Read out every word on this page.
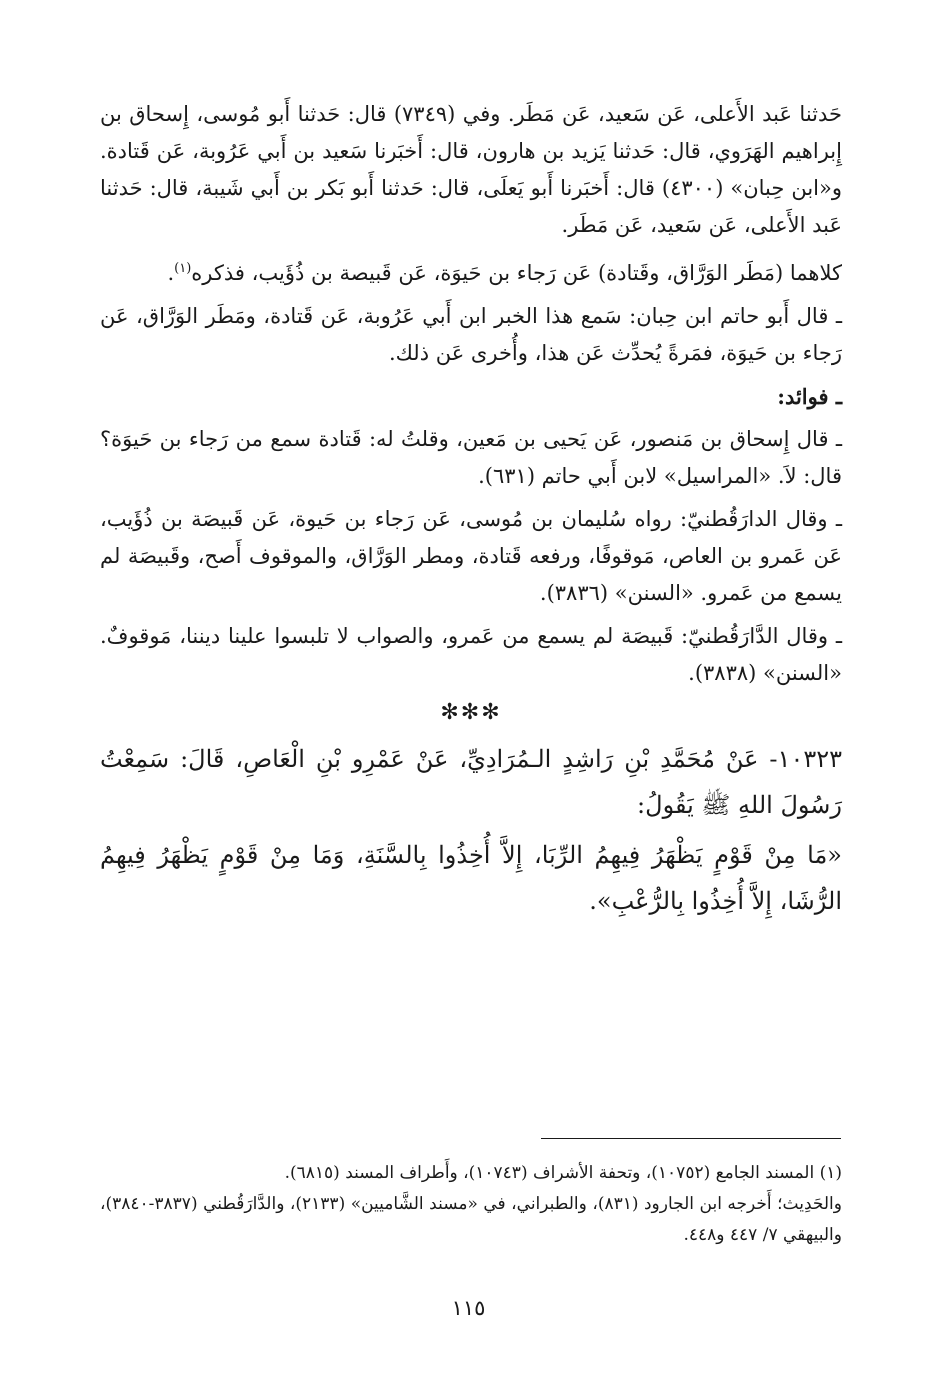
حَدثنا عَبد الأَعلى، عَن سَعيد، عَن مَطَر. وفي (٧٣٤٩) قال: حَدثنا أَبو مُوسى، إِسحاق بن إِبراهيم الهَرَوي، قال: حَدثنا يَزيد بن هارون، قال: أَخبَرنا سَعيد بن أَبي عَرُوبة، عَن قَتادة. و«ابن حِبان» (٤٣٠٠) قال: أَخبَرنا أَبو يَعلَى، قال: حَدثنا أَبو بَكر بن أَبي شَيبة، قال: حَدثنا عَبد الأَعلى، عَن سَعيد، عَن مَطَر.

كلاهما (مَطَر الوَرَّاق، وقَتادة) عَن رَجاء بن حَيوَة، عَن قَبيصة بن ذُؤَيب، فذكره$^{(١)}$.

ـ قال أَبو حاتم ابن حِبان: سَمع هذا الخبر ابن أَبي عَرُوبة، عَن قَتادة، ومَطَر الوَرَّاق، عَن رَجاء بن حَيوَة، فمَرةً يُحدِّث عَن هذا، وأُخرى عَن ذلك.

ـ فوائد:

ـ قال إِسحاق بن مَنصور، عَن يَحيى بن مَعين، وقلتُ له: قَتادة سمع من رَجاء بن حَيوَة؟ قال: لاَ. «المراسيل» لابن أَبي حاتم (٦٣١).

ـ وقال الدارَقُطنيّ: رواه سُليمان بن مُوسى، عَن رَجاء بن حَيوة، عَن قَبيصَة بن ذُؤَيب، عَن عَمرو بن العاص، مَوقوفًا، ورفعه قَتادة، ومطر الوَرَّاق، والموقوف أَصح، وقَبيصَة لم يسمع من عَمرو. «السنن» (٣٨٣٦).

ـ وقال الدَّارَقُطنيّ: قَبيصَة لم يسمع من عَمرو، والصواب لا تلبسوا علينا ديننا، مَوقوفٌ. «السنن» (٣٨٣٨).

✻✻✻

١٠٣٢٣- عَنْ مُحَمَّدِ بْنِ رَاشِدٍ الـمُرَادِيِّ، عَنْ عَمْرِو بْنِ الْعَاصِ، قَالَ: سَمِعْتُ رَسُولَ اللهِ ﷺ يَقُولُ:

«مَا مِنْ قَوْمٍ يَظْهَرُ فِيهِمُ الرِّبَا، إِلاَّ أُخِذُوا بِالسَّنَةِ، وَمَا مِنْ قَوْمٍ يَظْهَرُ فِيهِمُ الرُّشَا، إِلاَّ أُخِذُوا بِالرُّعْبِ».

(١) المسند الجامع (١٠٧٥٢)، وتحفة الأشراف (١٠٧٤٣)، وأَطراف المسند (٦٨١٥).

والحَدِيث؛ أَخرجه ابن الجارود (٨٣١)، والطبراني، في «مسند الشَّاميين» (٢١٣٣)، والدَّارَقُطني (٣٨٣٧-٣٨٤٠)، والبيهقي ٧/ ٤٤٧ و٤٤٨.

١١٥
